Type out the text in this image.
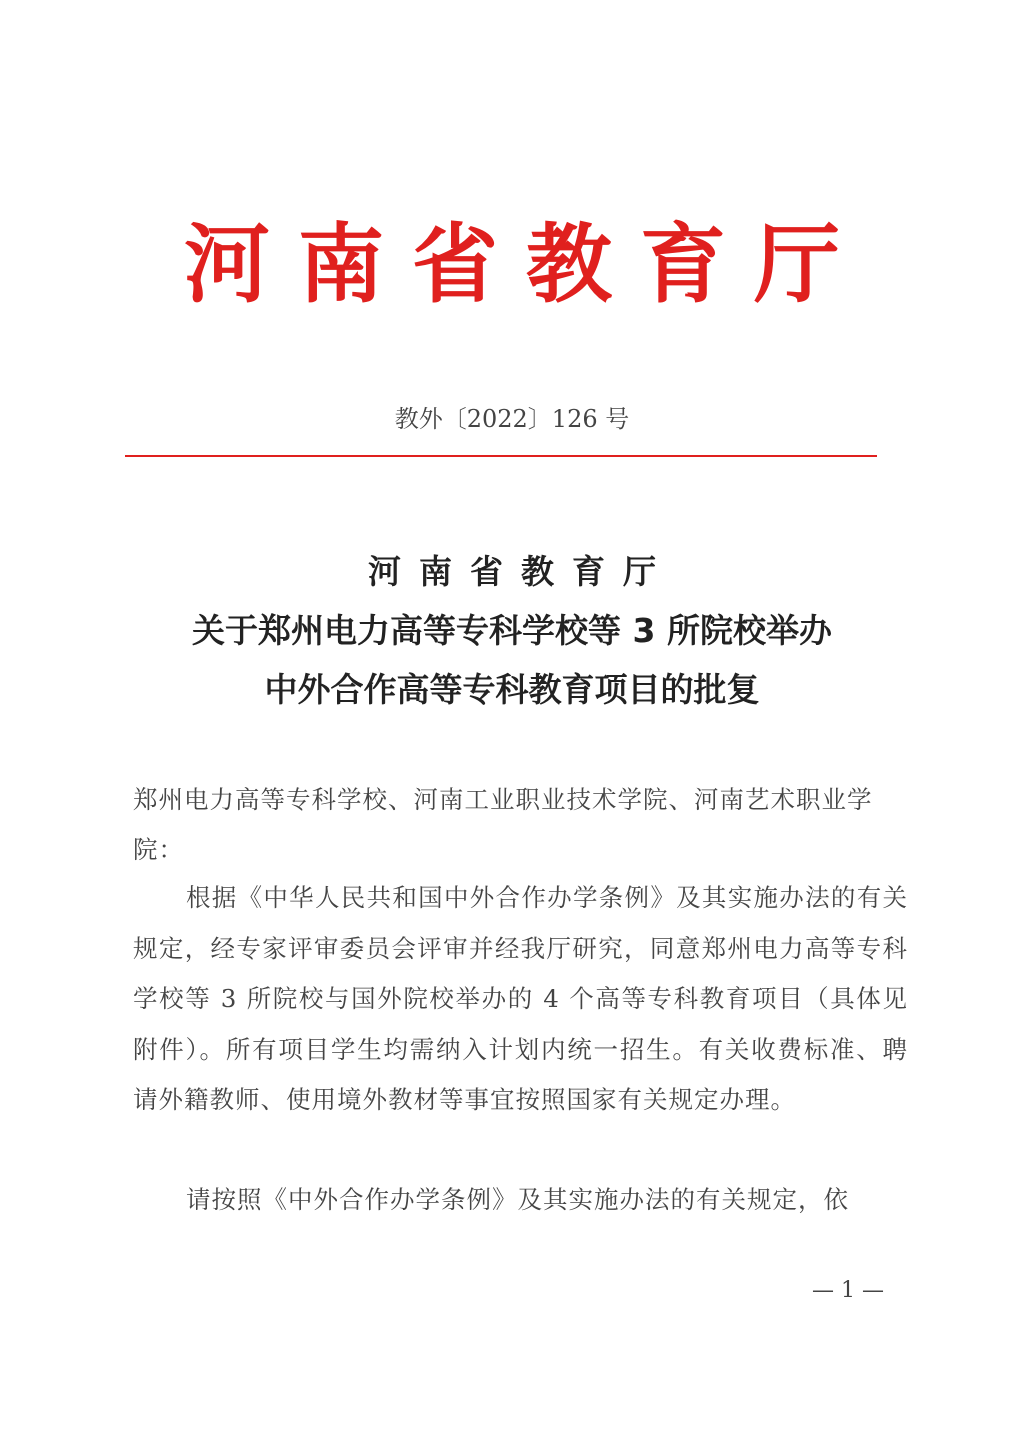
河南省教育厅
教外〔2022〕126 号
河南省教育厅
关于郑州电力高等专科学校等 3 所院校举办
中外合作高等专科教育项目的批复
郑州电力高等专科学校、河南工业职业技术学院、河南艺术职业学院：
根据《中华人民共和国中外合作办学条例》及其实施办法的有关规定，经专家评审委员会评审并经我厅研究，同意郑州电力高等专科学校等 3 所院校与国外院校举办的 4 个高等专科教育项目（具体见附件）。所有项目学生均需纳入计划内统一招生。有关收费标准、聘请外籍教师、使用境外教材等事宜按照国家有关规定办理。
请按照《中外合作办学条例》及其实施办法的有关规定，依
— 1 —
